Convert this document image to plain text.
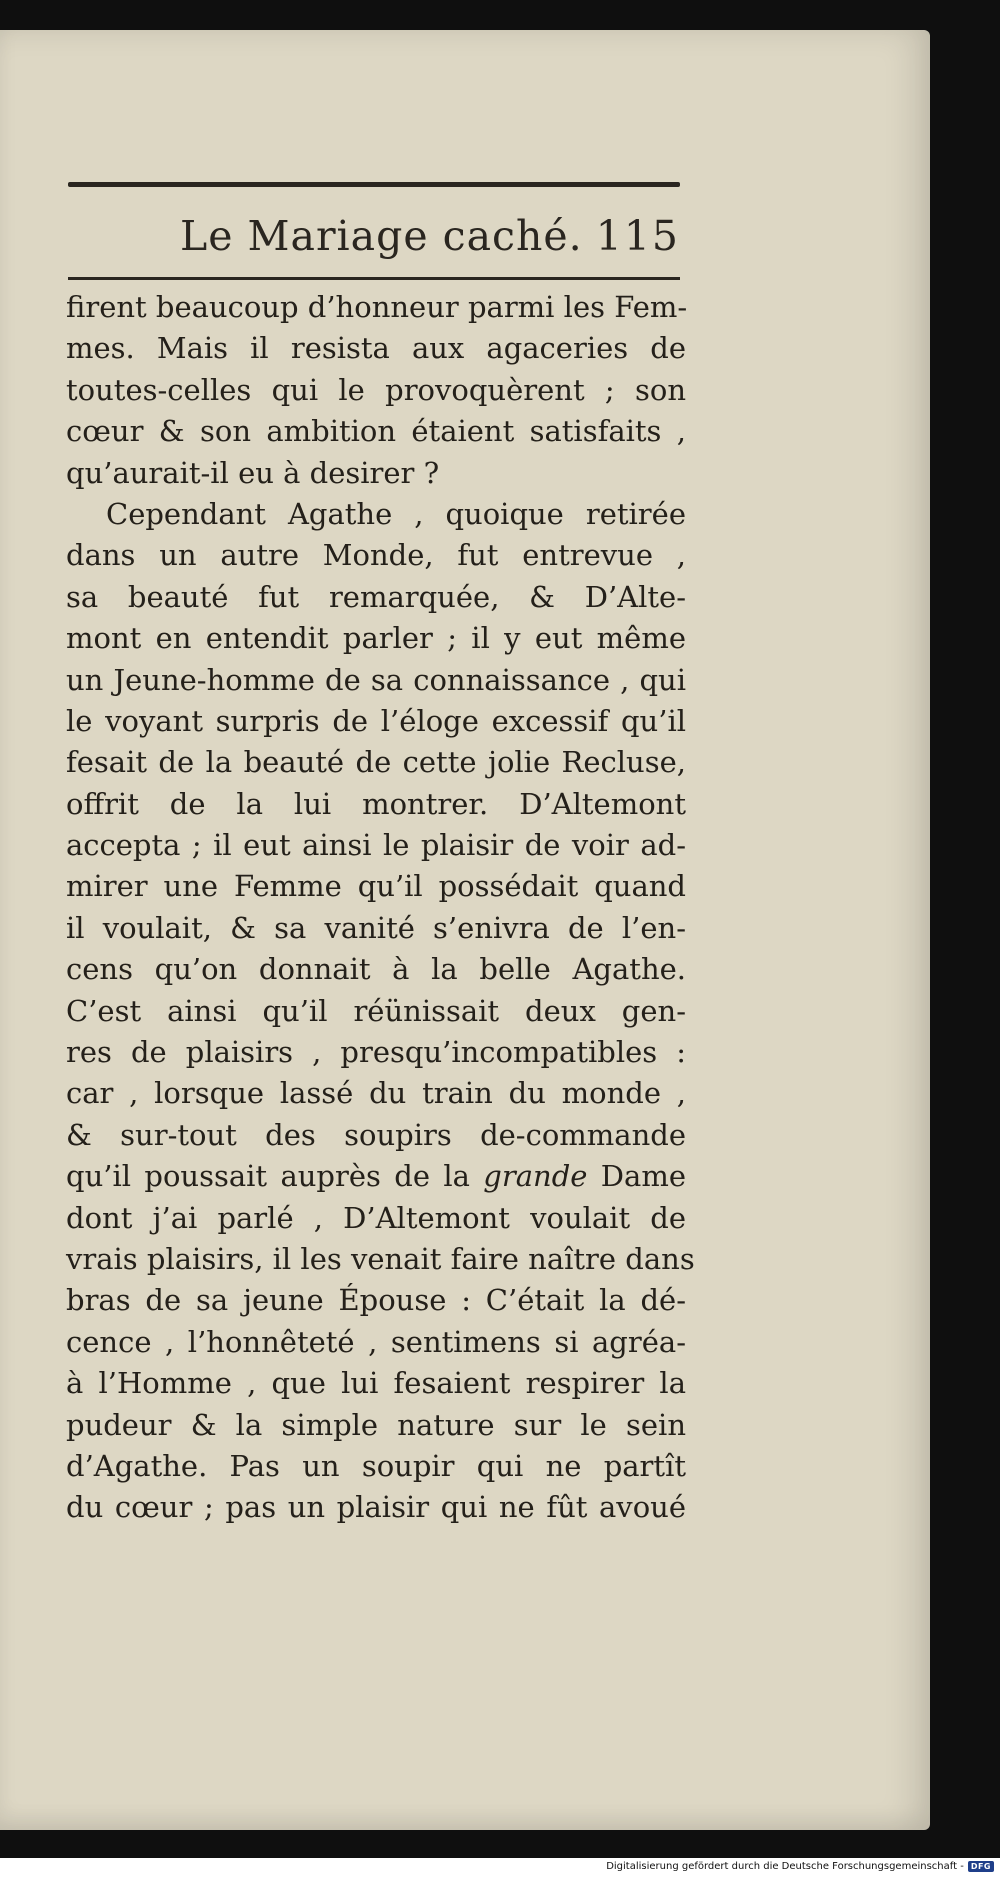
Le Mariage caché. 115
firent beaucoup d’honneur parmi les Fem-
mes. Mais il resista aux agaceries de
toutes-celles qui le provoquèrent ; son
cœur & son ambition étaient satisfaits ,
qu’aurait-il eu à desirer ?
Cependant Agathe , quoique retirée
dans un autre Monde, fut entrevue ,
sa beauté fut remarquée, & D’Alte-
mont en entendit parler ; il y eut même
un Jeune-homme de sa connaissance , qui
le voyant surpris de l’éloge excessif qu’il
fesait de la beauté de cette jolie Recluse,
offrit de la lui montrer. D’Altemont
accepta ; il eut ainsi le plaisir de voir ad-
mirer une Femme qu’il possédait quand
il voulait, & sa vanité s’enivra de l’en-
cens qu’on donnait à la belle Agathe.
C’est ainsi qu’il réünissait deux gen-
res de plaisirs , presqu’incompatibles :
car , lorsque lassé du train du monde ,
& sur-tout des soupirs de-commande
qu’il poussait auprès de la grande Dame
dont j’ai parlé , D’Altemont voulait de
vrais plaisirs, il les venait faire naître dans
bras de sa jeune Épouse : C’était la dé-
cence , l’honnêteté , sentimens si agréa-
à l’Homme , que lui fesaient respirer la
pudeur & la simple nature sur le sein
d’Agathe. Pas un soupir qui ne partît
du cœur ; pas un plaisir qui ne fût avoué
Digitalisierung gefördert durch die Deutsche Forschungsgemeinschaft - DFG
